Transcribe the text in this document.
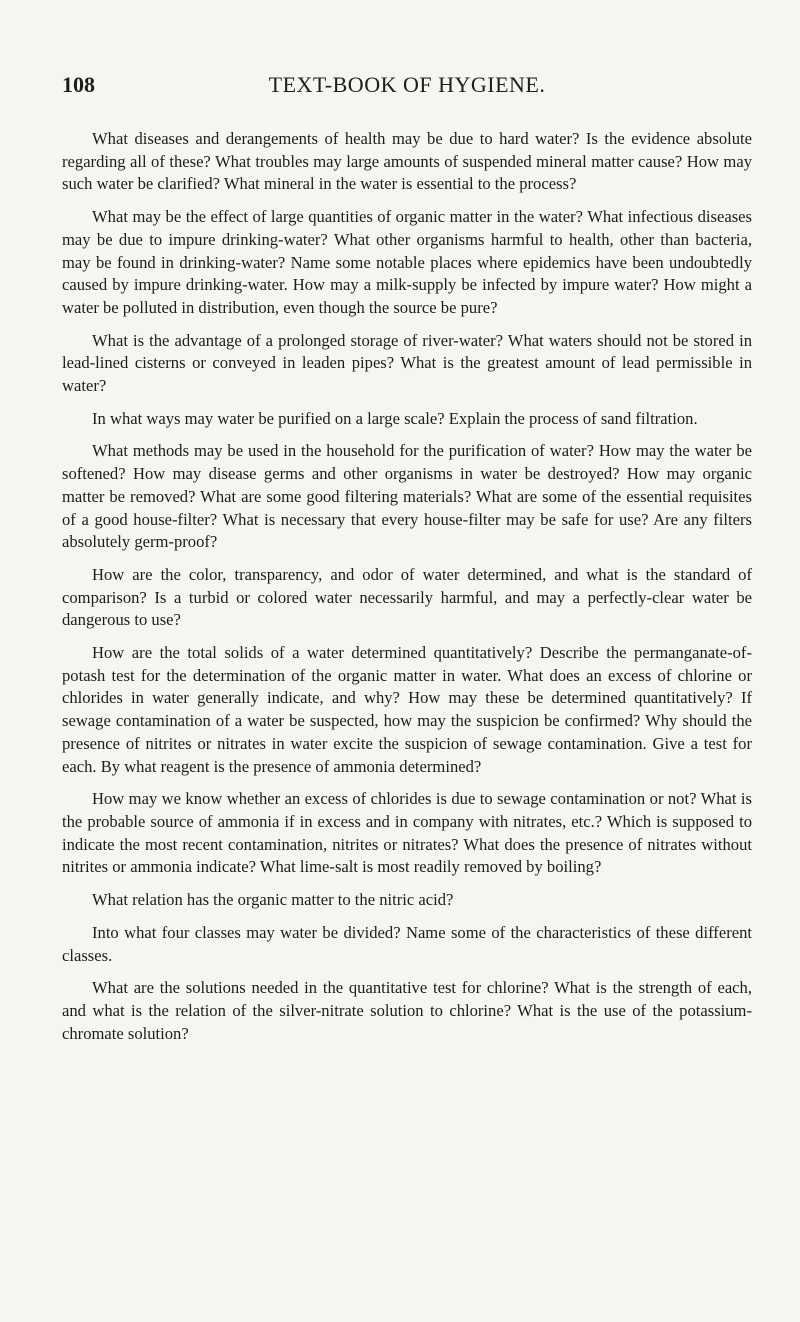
108	TEXT-BOOK OF HYGIENE.

What diseases and derangements of health may be due to hard water? Is the evidence absolute regarding all of these? What troubles may large amounts of suspended mineral matter cause? How may such water be clarified? What mineral in the water is essential to the process?

What may be the effect of large quantities of organic matter in the water? What infectious diseases may be due to impure drinking-water? What other organisms harmful to health, other than bacteria, may be found in drinking-water? Name some notable places where epidemics have been undoubtedly caused by impure drinking-water. How may a milk-supply be infected by impure water? How might a water be polluted in distribution, even though the source be pure?

What is the advantage of a prolonged storage of river-water? What waters should not be stored in lead-lined cisterns or conveyed in leaden pipes? What is the greatest amount of lead permissible in water?

In what ways may water be purified on a large scale? Explain the process of sand filtration.

What methods may be used in the household for the purification of water? How may the water be softened? How may disease germs and other organisms in water be destroyed? How may organic matter be removed? What are some good filtering materials? What are some of the essential requisites of a good house-filter? What is necessary that every house-filter may be safe for use? Are any filters absolutely germ-proof?

How are the color, transparency, and odor of water determined, and what is the standard of comparison? Is a turbid or colored water necessarily harmful, and may a perfectly-clear water be dangerous to use?

How are the total solids of a water determined quantitatively? Describe the permanganate-of-potash test for the determination of the organic matter in water. What does an excess of chlorine or chlorides in water generally indicate, and why? How may these be determined quantitatively? If sewage contamination of a water be suspected, how may the suspicion be confirmed? Why should the presence of nitrites or nitrates in water excite the suspicion of sewage contamination. Give a test for each. By what reagent is the presence of ammonia determined?

How may we know whether an excess of chlorides is due to sewage contamination or not? What is the probable source of ammonia if in excess and in company with nitrates, etc.? Which is supposed to indicate the most recent contamination, nitrites or nitrates? What does the presence of nitrates without nitrites or ammonia indicate? What lime-salt is most readily removed by boiling?

What relation has the organic matter to the nitric acid?

Into what four classes may water be divided? Name some of the characteristics of these different classes.

What are the solutions needed in the quantitative test for chlorine? What is the strength of each, and what is the relation of the silver-nitrate solution to chlorine? What is the use of the potassium-chromate solution?
